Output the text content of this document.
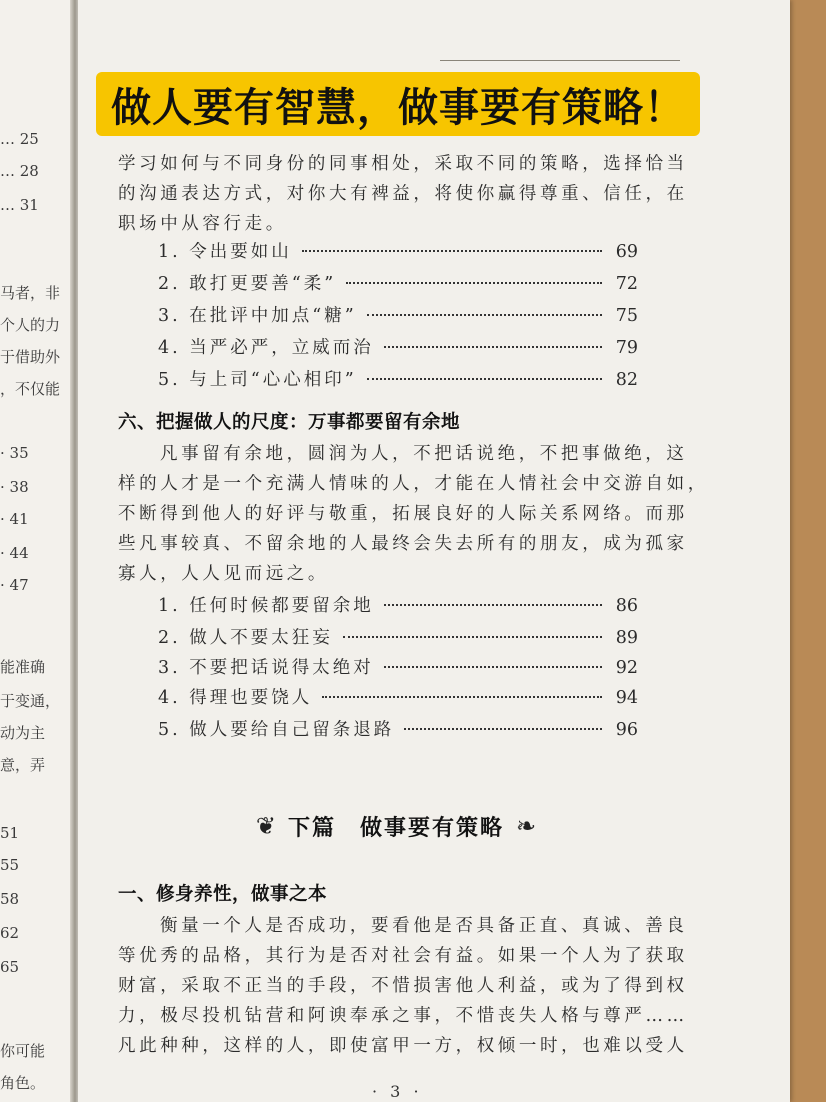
… 25
… 28
… 31
马者，非
个人的力
于借助外
，不仅能
· 35
· 38
· 41
· 44
· 47
能准确
于变通，
动为主
意，弄
51
55
58
62
65
你可能
角色。
做人要有智慧，做事要有策略！
学习如何与不同身份的同事相处，采取不同的策略，选择恰当
的沟通表达方式，对你大有裨益，将使你赢得尊重、信任，在
职场中从容行走。
1. 令出要如山	69
2. 敢打更要善“柔”	72
3. 在批评中加点“糖”	75
4. 当严必严，立威而治	79
5. 与上司“心心相印”	82
六、把握做人的尺度：万事都要留有余地
凡事留有余地，圆润为人，不把话说绝，不把事做绝，这
样的人才是一个充满人情味的人，才能在人情社会中交游自如，
不断得到他人的好评与敬重，拓展良好的人际关系网络。而那
些凡事较真、不留余地的人最终会失去所有的朋友，成为孤家
寡人，人人见而远之。
1. 任何时候都要留余地	86
2. 做人不要太狂妄	89
3. 不要把话说得太绝对	92
4. 得理也要饶人	94
5. 做人要给自己留条退路	96
❦ 下篇　做事要有策略 ❧
一、修身养性，做事之本
衡量一个人是否成功，要看他是否具备正直、真诚、善良
等优秀的品格，其行为是否对社会有益。如果一个人为了获取
财富，采取不正当的手段，不惜损害他人利益，或为了得到权
力，极尽投机钻营和阿谀奉承之事，不惜丧失人格与尊严……
凡此种种，这样的人，即使富甲一方，权倾一时，也难以受人
· 3 ·
